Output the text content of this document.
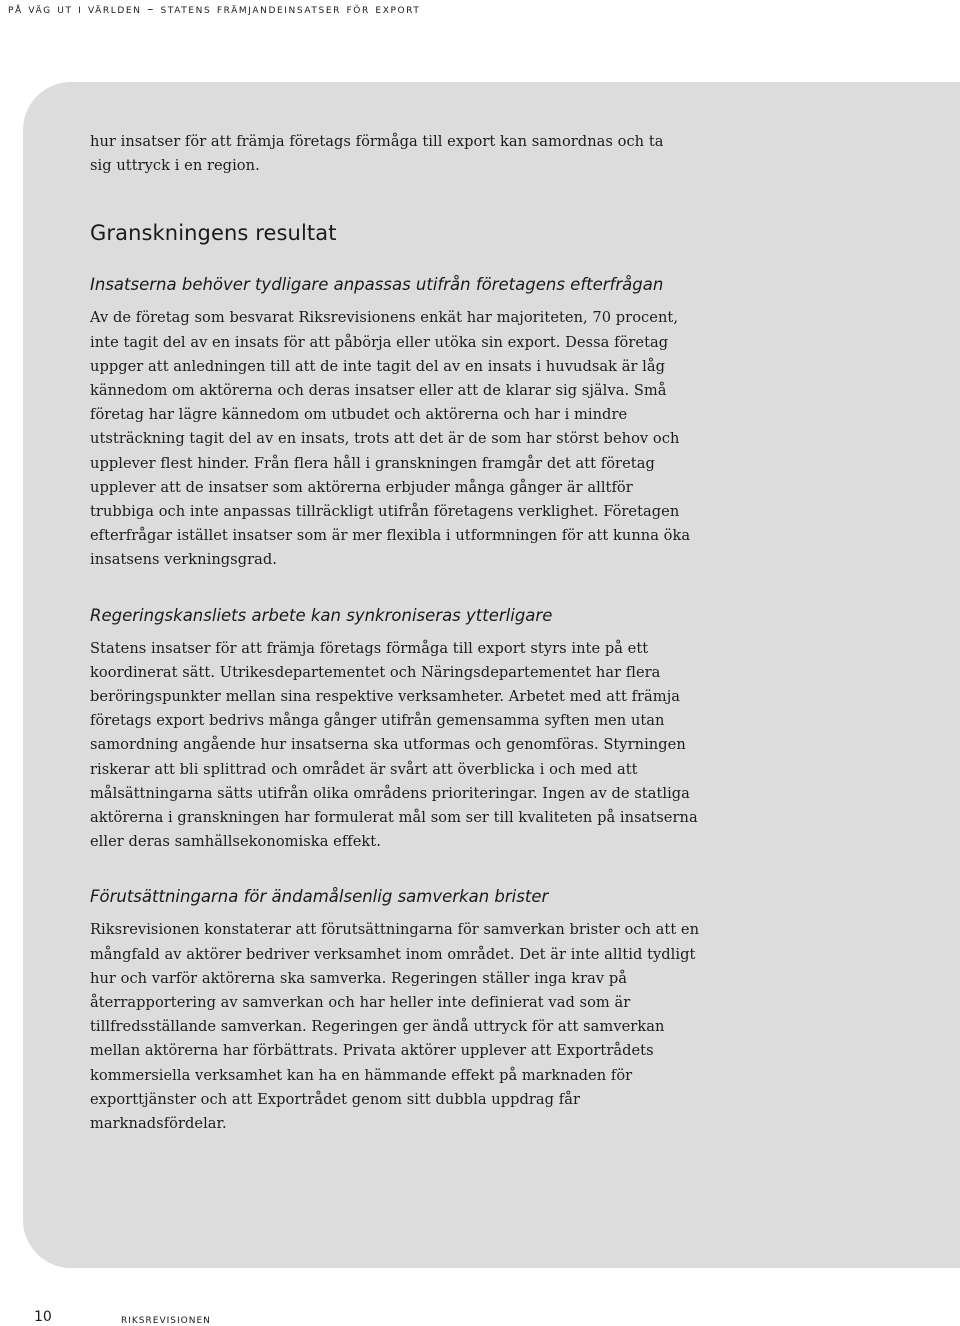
på väg ut i världen – statens främjandeinsatser för export

hur insatser för att främja företags förmåga till export kan samordnas och ta sig uttryck i en region.

Granskningens resultat
Insatserna behöver tydligare anpassas utifrån företagens efterfrågan

Av de företag som besvarat Riksrevisionens enkät har majoriteten, 70 procent, inte tagit del av en insats för att påbörja eller utöka sin export. Dessa företag uppger att anledningen till att de inte tagit del av en insats i huvudsak är låg kännedom om aktörerna och deras insatser eller att de klarar sig själva. Små företag har lägre kännedom om utbudet och aktörerna och har i mindre utsträckning tagit del av en insats, trots att det är de som har störst behov och upplever flest hinder. Från flera håll i granskningen framgår det att företag upplever att de insatser som aktörerna erbjuder många gånger är alltför trubbiga och inte anpassas tillräckligt utifrån företagens verklighet. Företagen efterfrågar istället insatser som är mer flexibla i utformningen för att kunna öka insatsens verkningsgrad.

Regeringskansliets arbete kan synkroniseras ytterligare

Statens insatser för att främja företags förmåga till export styrs inte på ett koordinerat sätt. Utrikesdepartementet och Näringsdepartementet har flera beröringspunkter mellan sina respektive verksamheter. Arbetet med att främja företags export bedrivs många gånger utifrån gemensamma syften men utan samordning angående hur insatserna ska utformas och genomföras. Styrningen riskerar att bli splittrad och området är svårt att överblicka i och med att målsättningarna sätts utifrån olika områdens prioriteringar. Ingen av de statliga aktörerna i granskningen har formulerat mål som ser till kvaliteten på insatserna eller deras samhällsekonomiska effekt.

Förutsättningarna för ändamålsenlig samverkan brister

Riksrevisionen konstaterar att förutsättningarna för samverkan brister och att en mångfald av aktörer bedriver verksamhet inom området. Det är inte alltid tydligt hur och varför aktörerna ska samverka. Regeringen ställer inga krav på återrapportering av samverkan och har heller inte definierat vad som är tillfredsställande samverkan. Regeringen ger ändå uttryck för att samverkan mellan aktörerna har förbättrats. Privata aktörer upplever att Exportrådets kommersiella verksamhet kan ha en hämmande effekt på marknaden för exporttjänster och att Exportrådet genom sitt dubbla uppdrag får marknadsfördelar.

10	riksrevisionen
